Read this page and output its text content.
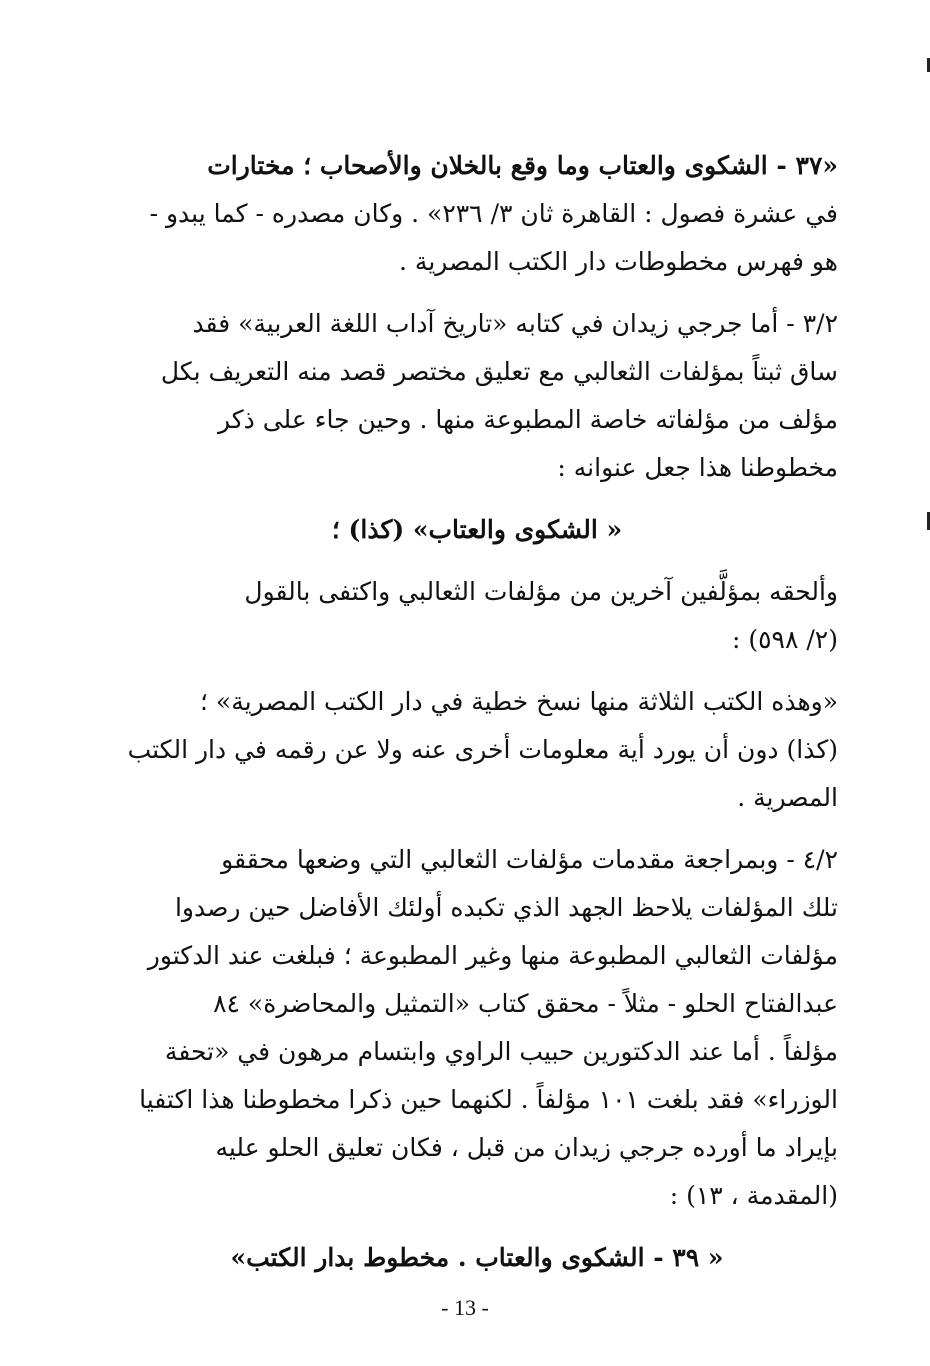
«٣٧ - الشكوى والعتاب وما وقع بالخلان والأصحاب ؛ مختارات
في عشرة فصول : القاهرة ثان ٣/ ٢٣٦» . وكان مصدره - كما يبدو -
هو فهرس مخطوطات دار الكتب المصرية .

٣/٢ - أما جرجي زيدان في كتابه «تاريخ آداب اللغة العربية» فقد
ساق ثبتاً بمؤلفات الثعالبي مع تعليق مختصر قصد منه التعريف بكل
مؤلف من مؤلفاته خاصة المطبوعة منها . وحين جاء على ذكر
مخطوطنا هذا جعل عنوانه :

« الشكوى والعتاب» (كذا) ؛

وألحقه بمؤلَّفين آخرين من مؤلفات الثعالبي واكتفى بالقول
(٢/ ٥٩٨) :

«وهذه الكتب الثلاثة منها نسخ خطية في دار الكتب المصرية» ؛
(كذا) دون أن يورد أية معلومات أخرى عنه ولا عن رقمه في دار الكتب
المصرية .

٤/٢ - وبمراجعة مقدمات مؤلفات الثعالبي التي وضعها محققو
تلك المؤلفات يلاحظ الجهد الذي تكبده أولئك الأفاضل حين رصدوا
مؤلفات الثعالبي المطبوعة منها وغير المطبوعة ؛ فبلغت عند الدكتور
عبدالفتاح الحلو - مثلاً - محقق كتاب «التمثيل والمحاضرة» ٨٤
مؤلفاً . أما عند الدكتورين حبيب الراوي وابتسام مرهون في «تحفة
الوزراء» فقد بلغت ١٠١ مؤلفاً . لكنهما حين ذكرا مخطوطنا هذا اكتفيا
بإيراد ما أورده جرجي زيدان من قبل ، فكان تعليق الحلو عليه
(المقدمة ، ١٣) :

« ٣٩ - الشكوى والعتاب . مخطوط بدار الكتب»
- 13 -
